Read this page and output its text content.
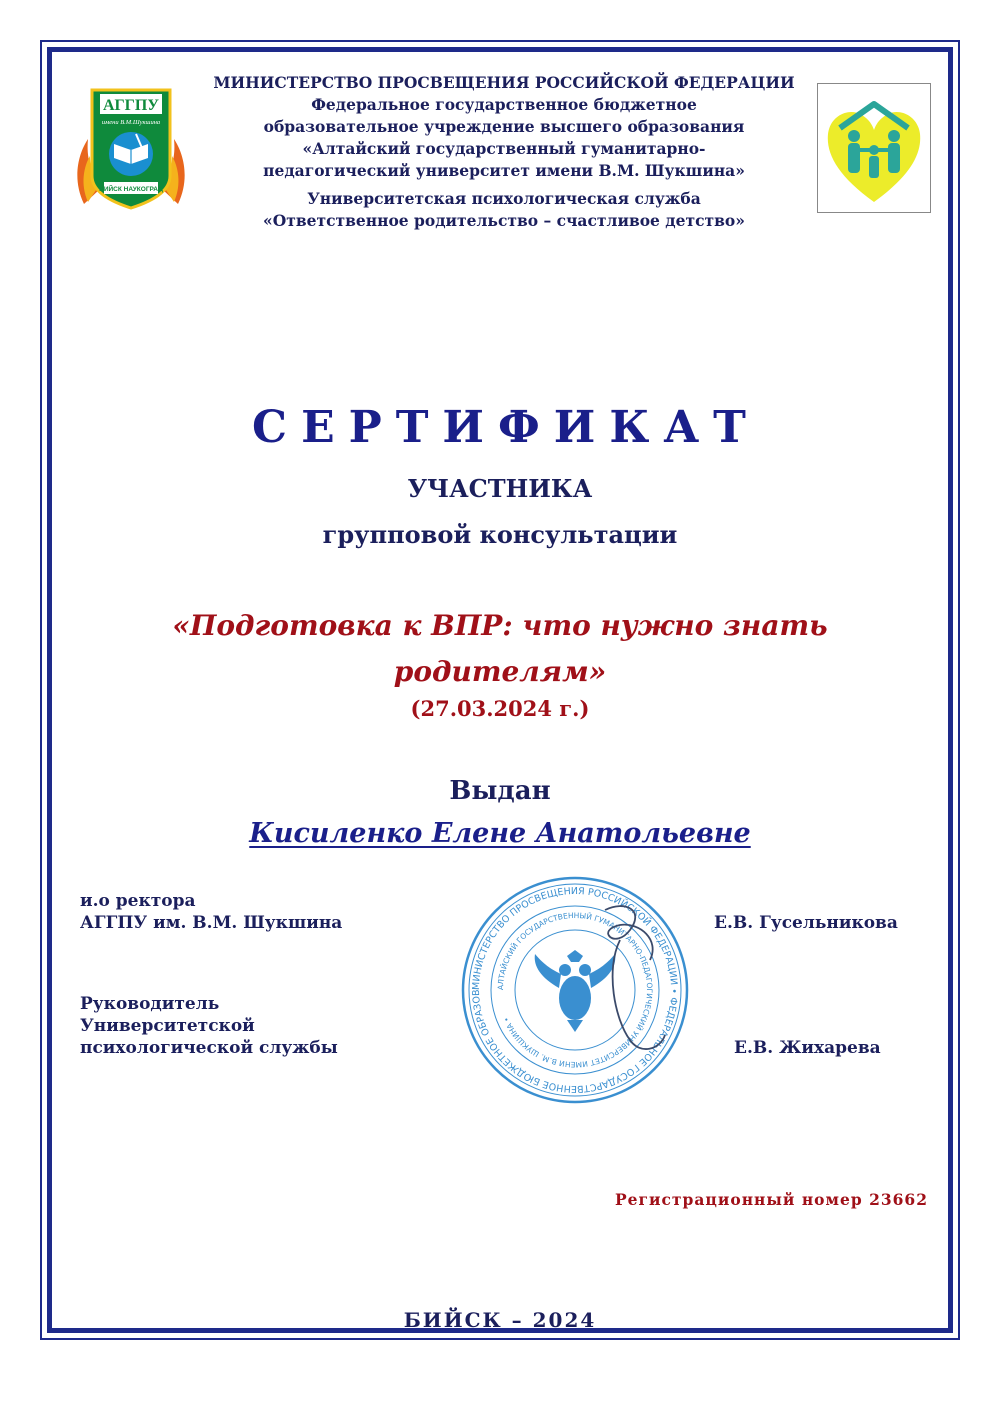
АГГПУ
имени В.М.Шукшина
БИЙСК НАУКОГРАД
МИНИСТЕРСТВО ПРОСВЕЩЕНИЯ РОССИЙСКОЙ ФЕДЕРАЦИИ
Федеральное государственное бюджетное
образовательное учреждение высшего образования
«Алтайский государственный гуманитарно-
педагогический университет имени В.М. Шукшина»
Университетская психологическая служба
«Ответственное родительство – счастливое детство»
СЕРТИФИКАТ
УЧАСТНИКА
групповой консультации
«Подготовка к ВПР: что нужно знать
родителям»
(27.03.2024 г.)
Выдан
Кисиленко Елене Анатольевне
и.о ректора
АГГПУ им. В.М. Шукшина	Е.В. Гусельникова
Руководитель
Университетской
психологической службы	Е.В. Жихарева
МИНИСТЕРСТВО ПРОСВЕЩЕНИЯ РОССИЙСКОЙ ФЕДЕРАЦИИ • ФЕДЕРАЛЬНОЕ ГОСУДАРСТВЕННОЕ БЮДЖЕТНОЕ ОБРАЗОВ
АЛТАЙСКИЙ ГОСУДАРСТВЕННЫЙ ГУМАНИТАРНО-ПЕДАГОГИЧЕСКИЙ УНИВЕРСИТЕТ ИМЕНИ В.М. ШУКШИНА •
Регистрационный номер 23662
БИЙСК – 2024
